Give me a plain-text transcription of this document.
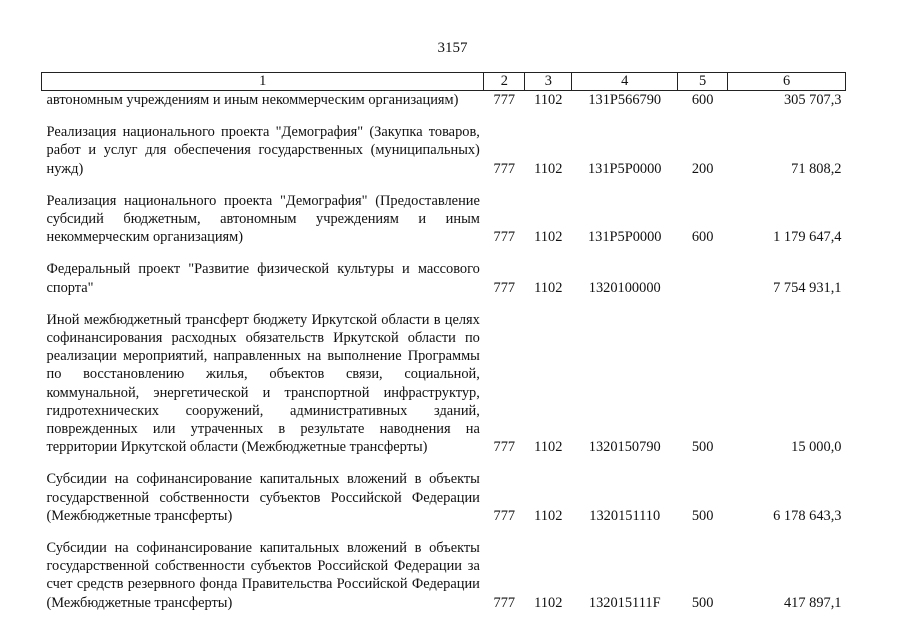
3157
1	2	3	4	5	6
автономным учреждениям и иным некоммерческим организациям)	777	1102	131Р566790	600	305 707,3
Реализация национального проекта "Демография" (Закупка товаров, работ и услуг для обеспечения государственных (муниципальных) нужд)	777	1102	131Р5Р0000	200	71 808,2
Реализация национального проекта "Демография" (Предоставление субсидий бюджетным, автономным учреждениям и иным некоммерческим организациям)	777	1102	131Р5Р0000	600	1 179 647,4
Федеральный проект "Развитие физической культуры и массового спорта"	777	1102	1320100000		7 754 931,1
Иной межбюджетный трансферт бюджету Иркутской области в целях софинансирования расходных обязательств Иркутской области по реализации мероприятий, направленных на выполнение Программы по восстановлению жилья, объектов связи, социальной, коммунальной, энергетической и транспортной инфраструктур, гидротехнических сооружений, административных зданий, поврежденных или утраченных в результате наводнения на территории Иркутской области (Межбюджетные трансферты)	777	1102	1320150790	500	15 000,0
Субсидии на софинансирование капитальных вложений в объекты государственной собственности субъектов Российской Федерации (Межбюджетные трансферты)	777	1102	1320151110	500	6 178 643,3
Субсидии на софинансирование капитальных вложений в объекты государственной собственности субъектов Российской Федерации за счет средств резервного фонда Правительства Российской Федерации (Межбюджетные трансферты)	777	1102	132015111F	500	417 897,1
